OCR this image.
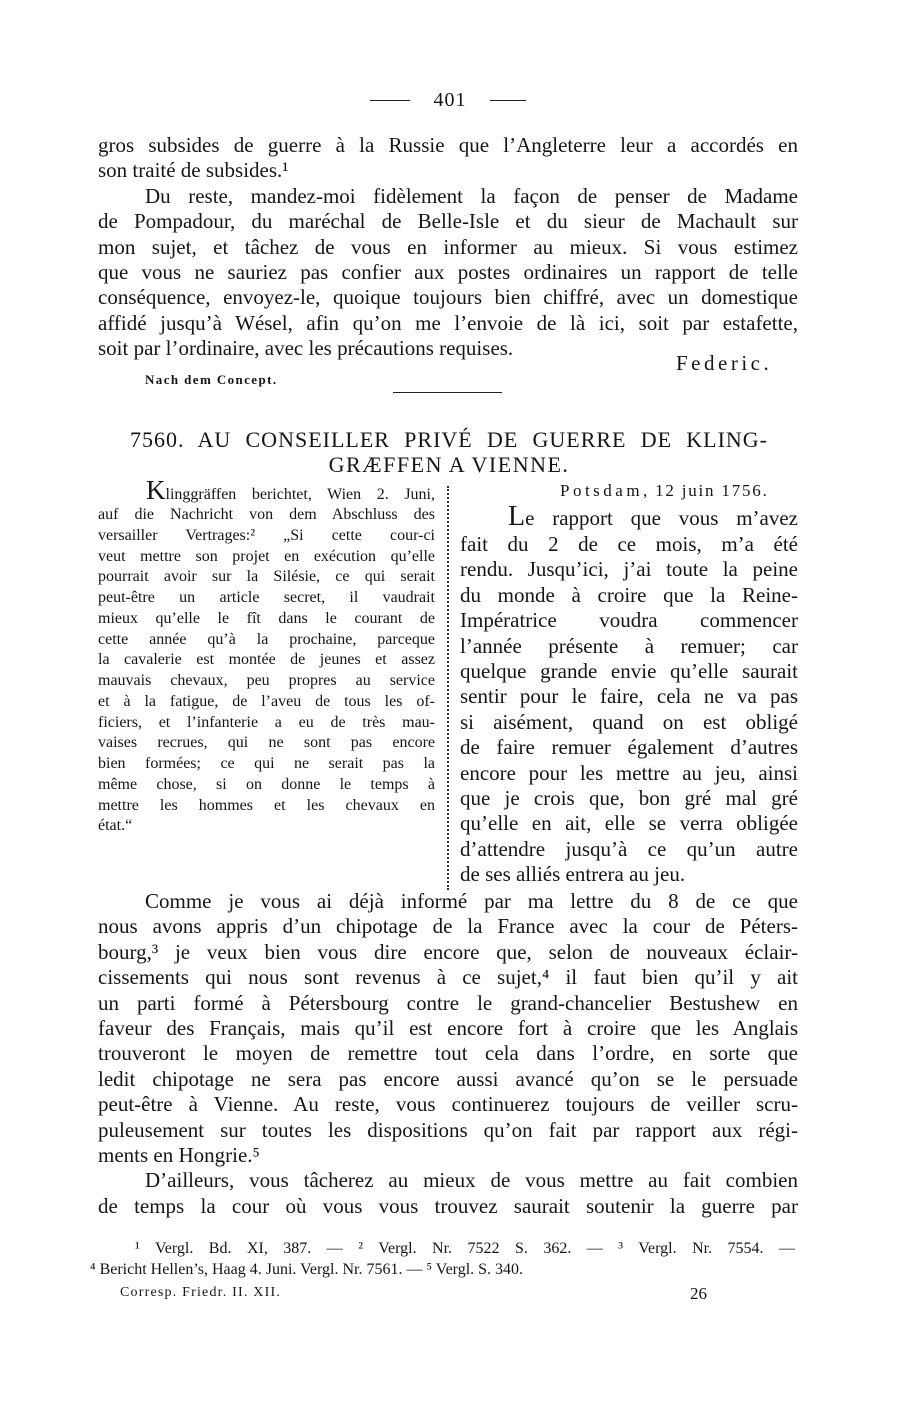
401
gros subsides de guerre à la Russie que l’Angleterre leur a accordés en
son traité de subsides.¹
Du reste, mandez-moi fidèlement la façon de penser de Madame
de Pompadour, du maréchal de Belle-Isle et du sieur de Machault sur
mon sujet, et tâchez de vous en informer au mieux. Si vous estimez
que vous ne sauriez pas confier aux postes ordinaires un rapport de telle
conséquence, envoyez-le, quoique toujours bien chiffré, avec un domestique
affidé jusqu’à Wésel, afin qu’on me l’envoie de là ici, soit par estafette,
soit par l’ordinaire, avec les précautions requises.
Federic.
Nach dem Concept.
7560. AU CONSEILLER PRIVÉ DE GUERRE DE KLING-
GRÆFFEN A VIENNE.
Klinggräffen berichtet, Wien 2. Juni,
auf die Nachricht von dem Abschluss des
versailler Vertrages:² „Si cette cour-ci
veut mettre son projet en exécution qu’elle
pourrait avoir sur la Silésie, ce qui serait
peut-être un article secret, il vaudrait
mieux qu’elle le fît dans le courant de
cette année qu’à la prochaine, parceque
la cavalerie est montée de jeunes et assez
mauvais chevaux, peu propres au service
et à la fatigue, de l’aveu de tous les of-
ficiers, et l’infanterie a eu de très mau-
vaises recrues, qui ne sont pas encore
bien formées; ce qui ne serait pas la
même chose, si on donne le temps à
mettre les hommes et les chevaux en
état.“
Potsdam, 12 juin 1756.
Le rapport que vous m’avez
fait du 2 de ce mois, m’a été
rendu. Jusqu’ici, j’ai toute la peine
du monde à croire que la Reine-
Impératrice voudra commencer
l’année présente à remuer; car
quelque grande envie qu’elle saurait
sentir pour le faire, cela ne va pas
si aisément, quand on est obligé
de faire remuer également d’autres
encore pour les mettre au jeu, ainsi
que je crois que, bon gré mal gré
qu’elle en ait, elle se verra obligée
d’attendre jusqu’à ce qu’un autre
de ses alliés entrera au jeu.
Comme je vous ai déjà informé par ma lettre du 8 de ce que
nous avons appris d’un chipotage de la France avec la cour de Péters-
bourg,³ je veux bien vous dire encore que, selon de nouveaux éclair-
cissements qui nous sont revenus à ce sujet,⁴ il faut bien qu’il y ait
un parti formé à Pétersbourg contre le grand-chancelier Bestushew en
faveur des Français, mais qu’il est encore fort à croire que les Anglais
trouveront le moyen de remettre tout cela dans l’ordre, en sorte que
ledit chipotage ne sera pas encore aussi avancé qu’on se le persuade
peut-être à Vienne. Au reste, vous continuerez toujours de veiller scru-
puleusement sur toutes les dispositions qu’on fait par rapport aux régi-
ments en Hongrie.⁵
D’ailleurs, vous tâcherez au mieux de vous mettre au fait combien
de temps la cour où vous vous trouvez saurait soutenir la guerre par
¹ Vergl. Bd. XI, 387. — ² Vergl. Nr. 7522 S. 362. — ³ Vergl. Nr. 7554. —
⁴ Bericht Hellen’s, Haag 4. Juni. Vergl. Nr. 7561. — ⁵ Vergl. S. 340.
Corresp. Friedr. II. XII.	26
